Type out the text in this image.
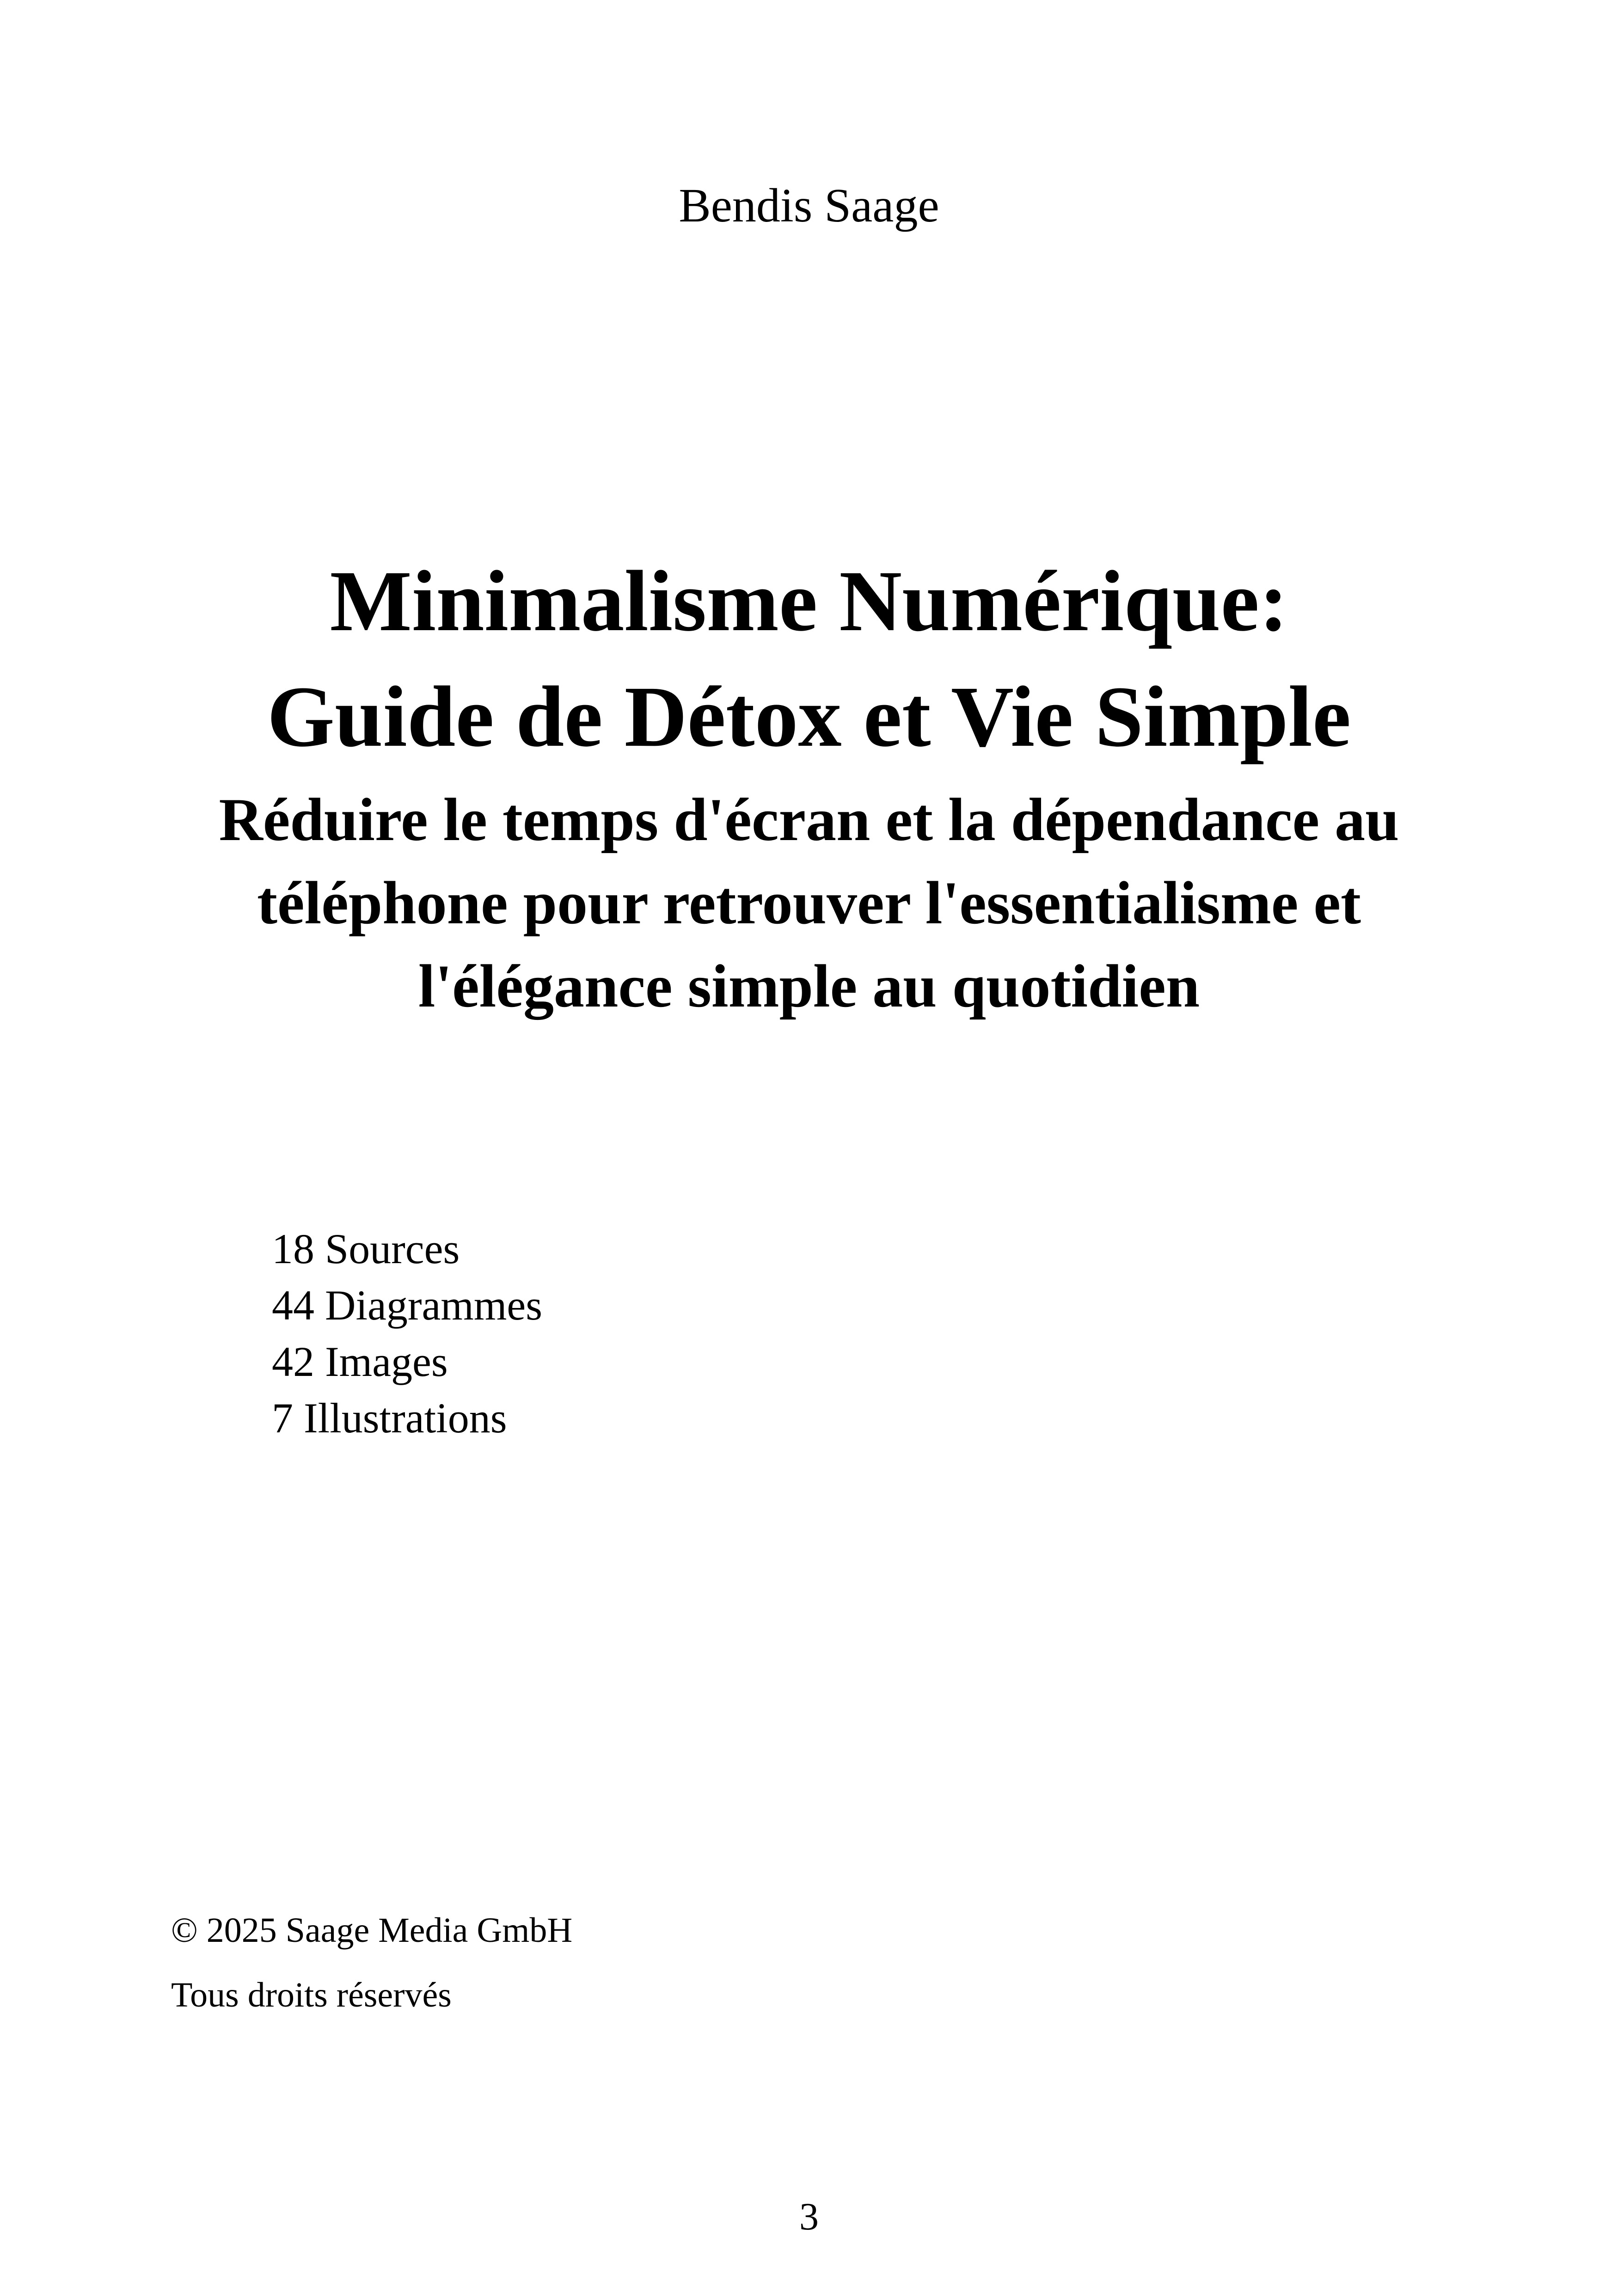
Bendis Saage
Minimalisme Numérique:
Guide de Détox et Vie Simple
Réduire le temps d'écran et la dépendance au téléphone pour retrouver l'essentialisme et l'élégance simple au quotidien
18 Sources
44 Diagrammes
42 Images
7 Illustrations
© 2025 Saage Media GmbH
Tous droits réservés
3
